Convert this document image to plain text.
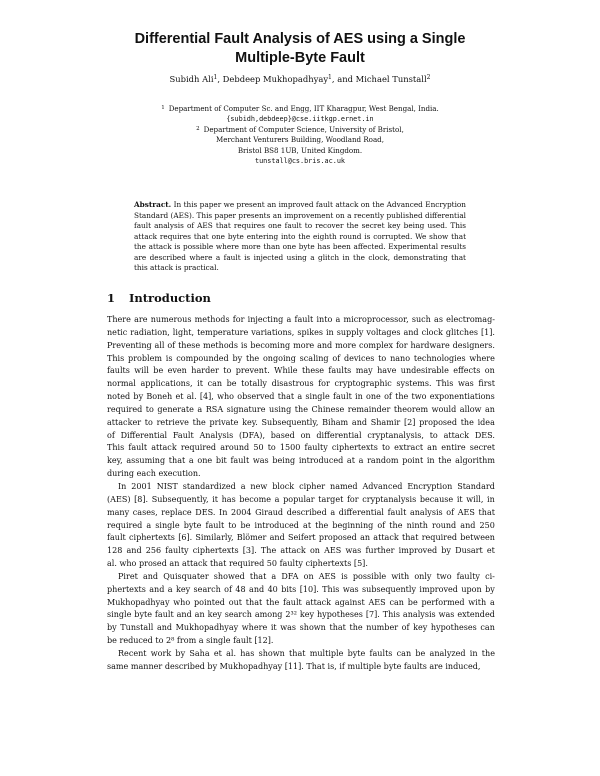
Differential Fault Analysis of AES using a Single
Multiple-Byte Fault
Subidh Ali$^1$, Debdeep Mukhopadhyay$^1$, and Michael Tunstall$^2$
$^1$ Department of Computer Sc. and Engg, IIT Kharagpur, West Bengal, India.
{subidh,debdeep}@cse.iitkgp.ernet.in
$^2$ Department of Computer Science, University of Bristol,
Merchant Venturers Building, Woodland Road,
Bristol BS8 1UB, United Kingdom.
tunstall@cs.bris.ac.uk
Abstract. In this paper we present an improved fault attack on the Advanced Encryption Standard (AES). This paper presents an improvement on a recently published differential fault analysis of AES that requires one fault to recover the secret key being used. This attack requires that one byte entering into the eighth round is corrupted. We show that the attack is possible where more than one byte has been affected. Experimental results are described where a fault is injected using a glitch in the clock, demonstrating that this attack is practical.
1 Introduction
There are numerous methods for injecting a fault into a microprocessor, such as electromag-
netic radiation, light, temperature variations, spikes in supply voltages and clock glitches [1].
Preventing all of these methods is becoming more and more complex for hardware designers.
This problem is compounded by the ongoing scaling of devices to nano technologies where
faults will be even harder to prevent. While these faults may have undesirable effects on
normal applications, it can be totally disastrous for cryptographic systems. This was first
noted by Boneh et al. [4], who observed that a single fault in one of the two exponentiations
required to generate a RSA signature using the Chinese remainder theorem would allow an
attacker to retrieve the private key. Subsequently, Biham and Shamir [2] proposed the idea
of Differential Fault Analysis (DFA), based on differential cryptanalysis, to attack DES.
This fault attack required around 50 to 1500 faulty ciphertexts to extract an entire secret
key, assuming that a one bit fault was being introduced at a random point in the algorithm
during each execution.
In 2001 NIST standardized a new block cipher named Advanced Encryption Standard
(AES) [8]. Subsequently, it has become a popular target for cryptanalysis because it will, in
many cases, replace DES. In 2004 Giraud described a differential fault analysis of AES that
required a single byte fault to be introduced at the beginning of the ninth round and 250
fault ciphertexts [6]. Similarly, Blömer and Seifert proposed an attack that required between
128 and 256 faulty ciphertexts [3]. The attack on AES was further improved by Dusart et
al. who prosed an attack that required 50 faulty ciphertexts [5].
Piret and Quisquater showed that a DFA on AES is possible with only two faulty ci-
phertexts and a key search of 48 and 40 bits [10]. This was subsequently improved upon by
Mukhopadhyay who pointed out that the fault attack against AES can be performed with a
single byte fault and an key search among 2³² key hypotheses [7]. This analysis was extended
by Tunstall and Mukhopadhyay where it was shown that the number of key hypotheses can
be reduced to 2⁸ from a single fault [12].
Recent work by Saha et al. has shown that multiple byte faults can be analyzed in the
same manner described by Mukhopadhyay [11]. That is, if multiple byte faults are induced,
